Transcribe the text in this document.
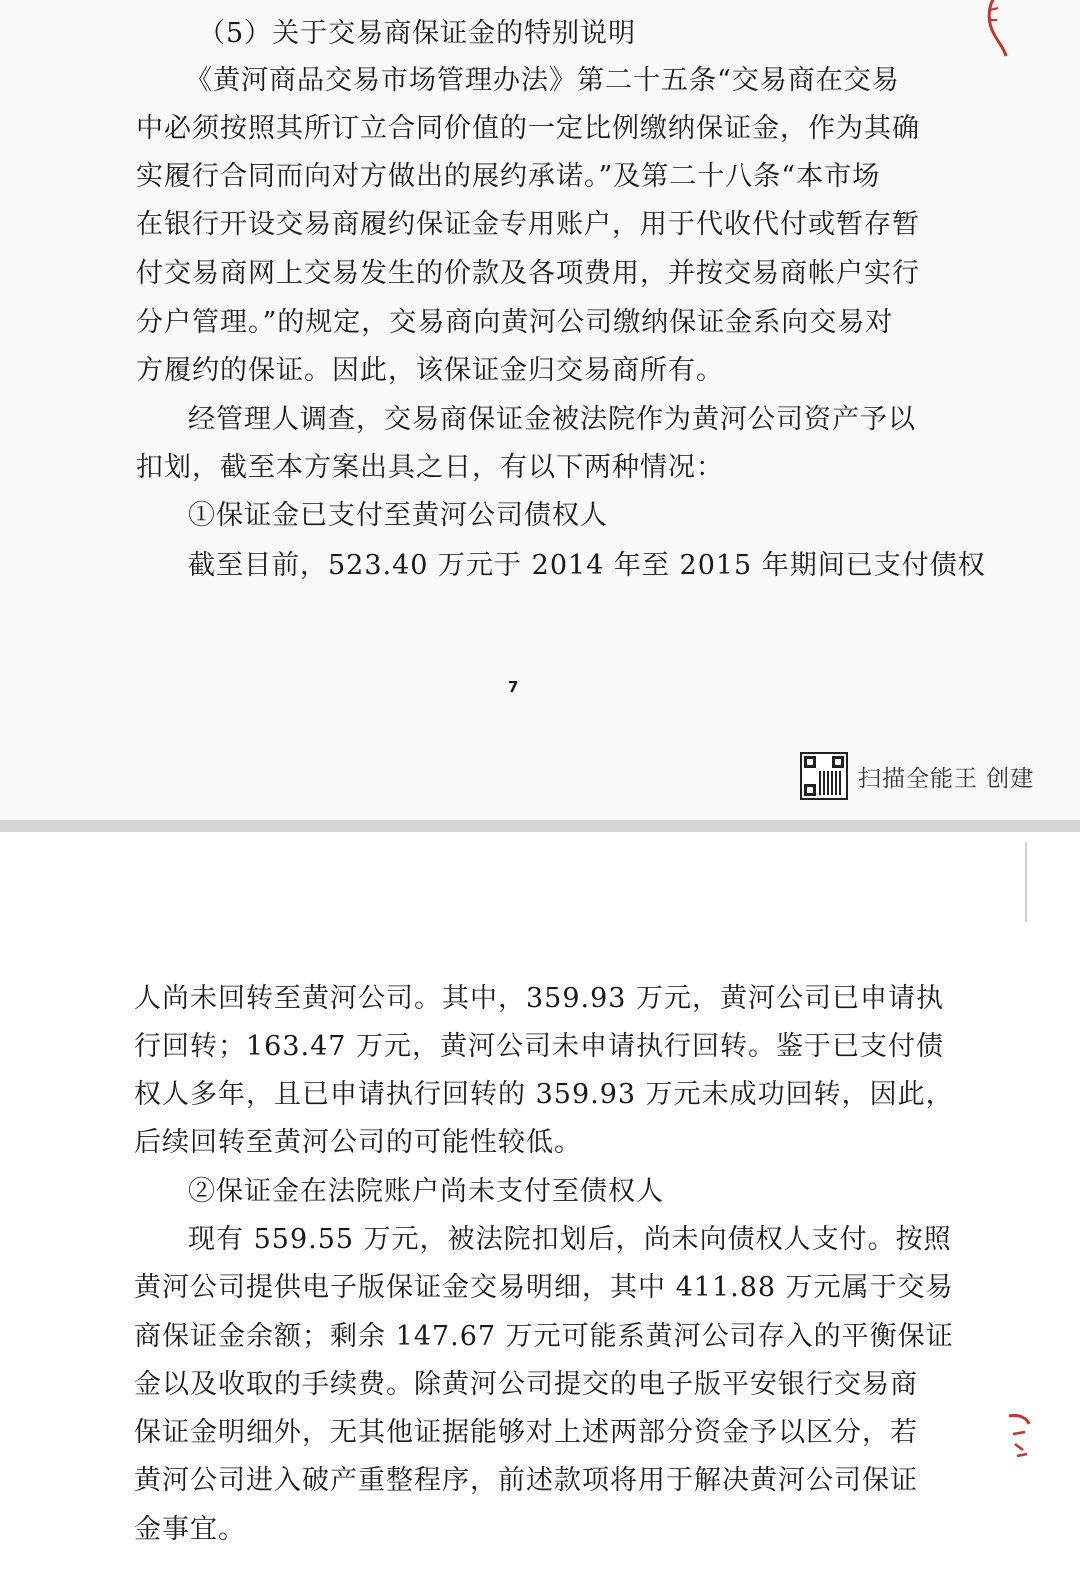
（5）关于交易商保证金的特别说明
《黄河商品交易市场管理办法》第二十五条“交易商在交易
中必须按照其所订立合同价值的一定比例缴纳保证金，作为其确
实履行合同而向对方做出的展约承诺。”及第二十八条“本市场
在银行开设交易商履约保证金专用账户，用于代收代付或暂存暂
付交易商网上交易发生的价款及各项费用，并按交易商帐户实行
分户管理。”的规定，交易商向黄河公司缴纳保证金系向交易对
方履约的保证。因此，该保证金归交易商所有。
经管理人调查，交易商保证金被法院作为黄河公司资产予以
扣划，截至本方案出具之日，有以下两种情况：
①保证金已支付至黄河公司债权人
截至目前，523.40 万元于 2014 年至 2015 年期间已支付债权
7
扫描全能王 创建
人尚未回转至黄河公司。其中，359.93 万元，黄河公司已申请执
行回转；163.47 万元，黄河公司未申请执行回转。鉴于已支付债
权人多年，且已申请执行回转的 359.93 万元未成功回转，因此，
后续回转至黄河公司的可能性较低。
②保证金在法院账户尚未支付至债权人
现有 559.55 万元，被法院扣划后，尚未向债权人支付。按照
黄河公司提供电子版保证金交易明细，其中 411.88 万元属于交易
商保证金余额；剩余 147.67 万元可能系黄河公司存入的平衡保证
金以及收取的手续费。除黄河公司提交的电子版平安银行交易商
保证金明细外，无其他证据能够对上述两部分资金予以区分，若
黄河公司进入破产重整程序，前述款项将用于解决黄河公司保证
金事宜。
